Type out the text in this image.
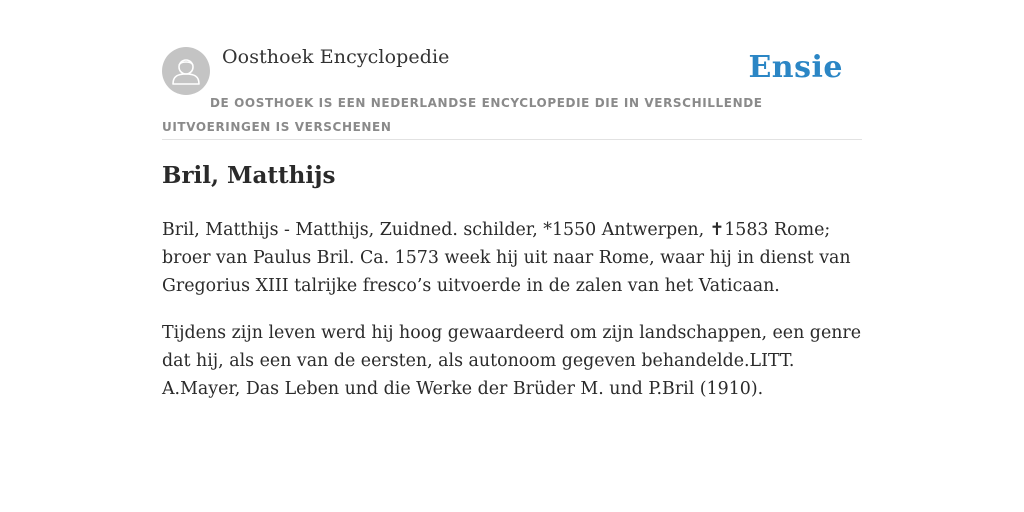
Oosthoek Encyclopedie	Ensie
DE OOSTHOEK IS EEN NEDERLANDSE ENCYCLOPEDIE DIE IN VERSCHILLENDE UITVOERINGEN IS VERSCHENEN
Bril, Matthijs

Bril, Matthijs - Matthijs, Zuidned. schilder, *1550 Antwerpen, ✝1583 Rome; broer van Paulus Bril. Ca. 1573 week hij uit naar Rome, waar hij in dienst van Gregorius XIII talrijke fresco’s uitvoerde in de zalen van het Vaticaan.

Tijdens zijn leven werd hij hoog gewaardeerd om zijn landschappen, een genre dat hij, als een van de eersten, als autonoom gegeven behandelde.LITT. A.Mayer, Das Leben und die Werke der Brüder M. und P.Bril (1910).
